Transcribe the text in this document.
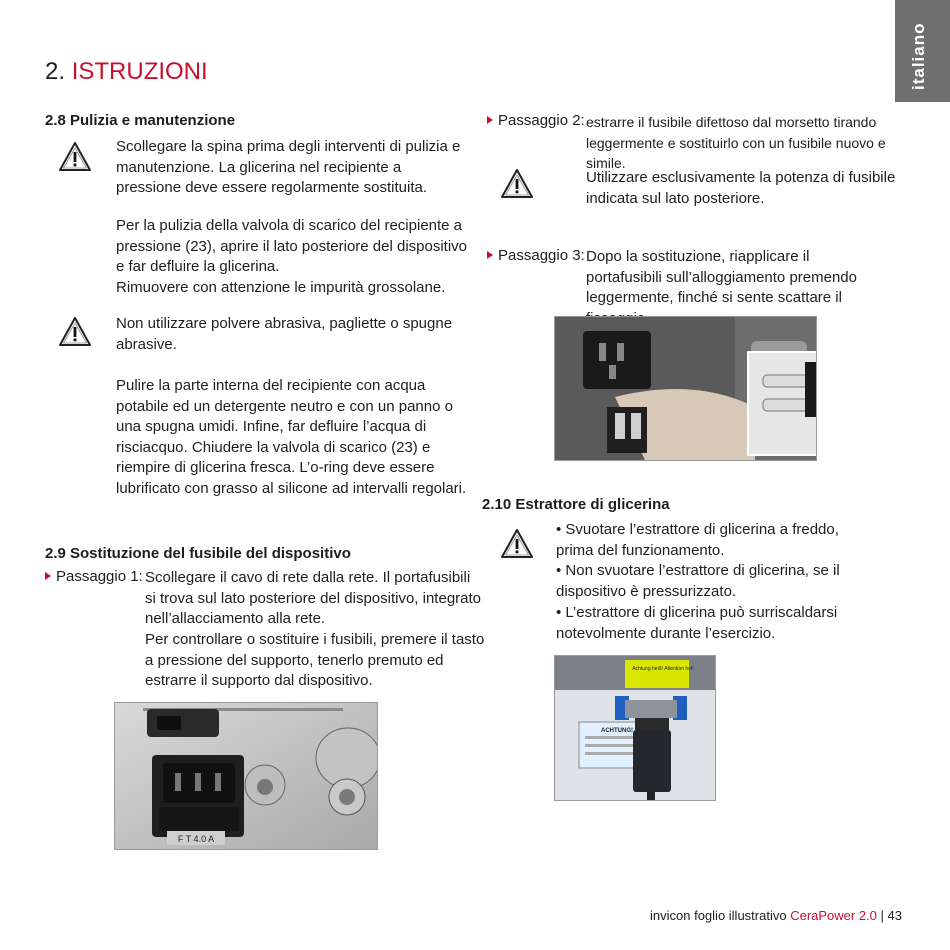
italiano
2. ISTRUZIONI
2.8 Pulizia e manutenzione
Scollegare la spina prima degli interventi di pulizia e manutenzione. La glicerina nel recipiente a pressione deve essere regolarmente sostituita.
Per la pulizia della valvola di scarico del recipiente a pressione (23), aprire il lato posteriore del dispositivo e far defluire la glicerina.
Rimuovere con attenzione le impurità grossolane.
Non utilizzare polvere abrasiva, pagliette o spugne abrasive.
Pulire la parte interna del recipiente con acqua potabile ed un detergente neutro e con un panno o una spugna umidi. Infine, far defluire l’acqua di risciacquo. Chiudere la valvola di scarico (23) e riempire di glicerina fresca. L’o-ring deve essere lubrificato con grasso al silicone ad intervalli regolari.
2.9 Sostituzione del fusibile del dispositivo
Passaggio 1: Scollegare il cavo di rete dalla rete. Il portafusibili si trova sul lato posteriore del dispositivo, integrato nell’allacciamento alla rete.
Per controllare o sostituire i fusibili, premere il tasto a pressione del supporto, tenerlo premuto ed estrarre il supporto dal dispositivo.
F T 4.0 A
Passaggio 2: estrarre il fusibile difettoso dal morsetto tirando leggermente e sostituirlo con un fusibile nuovo e simile.
Utilizzare esclusivamente la potenza di fusibile indicata sul lato posteriore.
Passaggio 3: Dopo la sostituzione, riapplicare il portafusibili sull’alloggiamento premendo leggermente, finché si sente scattare il
2.10 Estrattore di glicerina
• Svuotare l’estrattore di glicerina a freddo, prima del funzionamento.
• Non svuotare l’estrattore di glicerina, se il dispositivo è pressurizzato.
• L’estrattore di glicerina può surriscaldarsi notevolmente durante l’esercizio.
Achtung heiß! Attention hot!
ACHTUNG!
invicon foglio illustrativo CeraPower 2.0 | 43
